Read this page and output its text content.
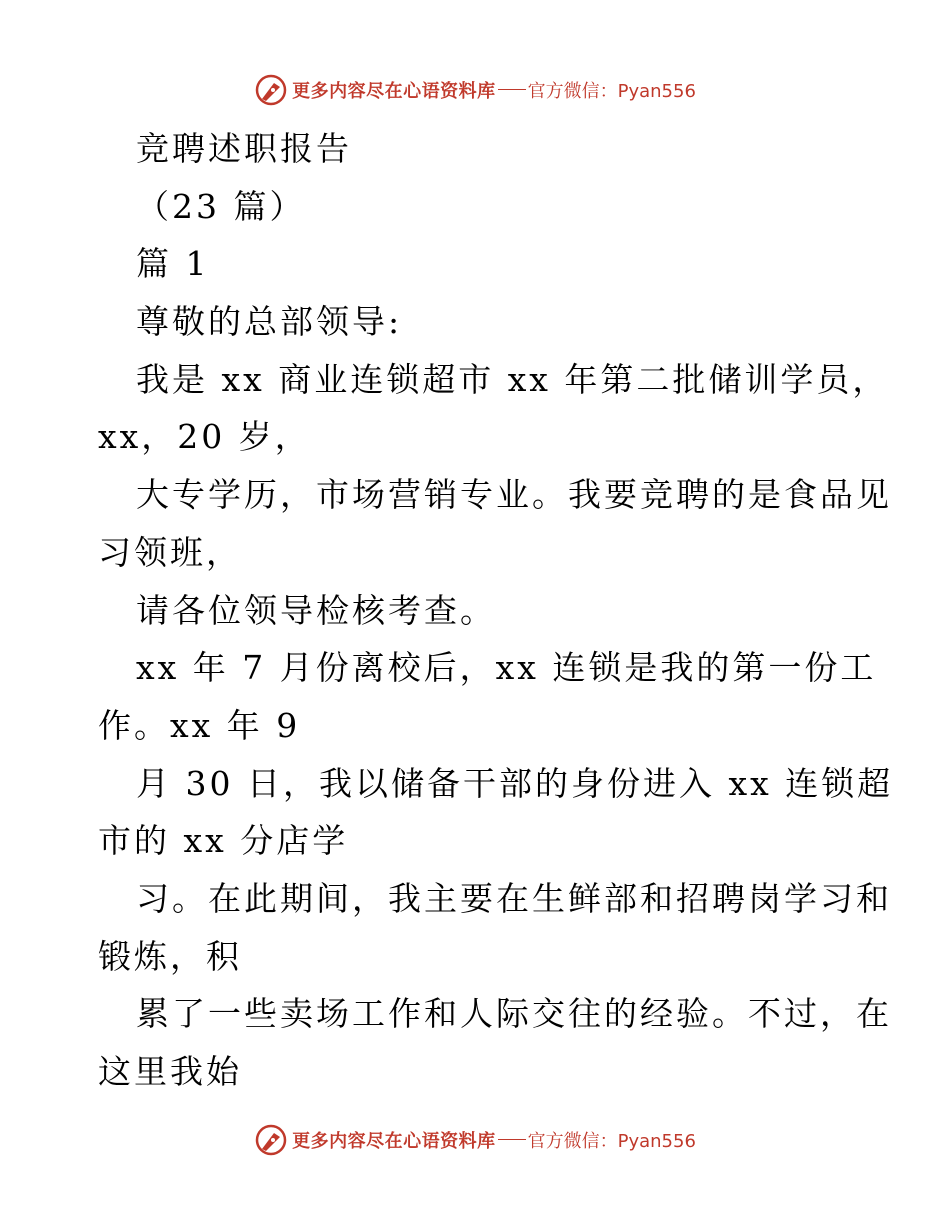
更多内容尽在心语资料库 官方微信：Pyan556
竞聘述职报告
（23 篇）
篇 1
尊敬的总部领导:
我是 xx 商业连锁超市 xx 年第二批储训学员，
xx，20 岁，
大专学历，市场营销专业。我要竞聘的是食品见
习领班，
请各位领导检核考查。
xx 年 7 月份离校后，xx 连锁是我的第一份工
作。xx 年 9
月 30 日，我以储备干部的身份进入 xx 连锁超
市的 xx 分店学
习。在此期间，我主要在生鲜部和招聘岗学习和
锻炼，积
累了一些卖场工作和人际交往的经验。不过，在
这里我始
更多内容尽在心语资料库 官方微信：Pyan556
